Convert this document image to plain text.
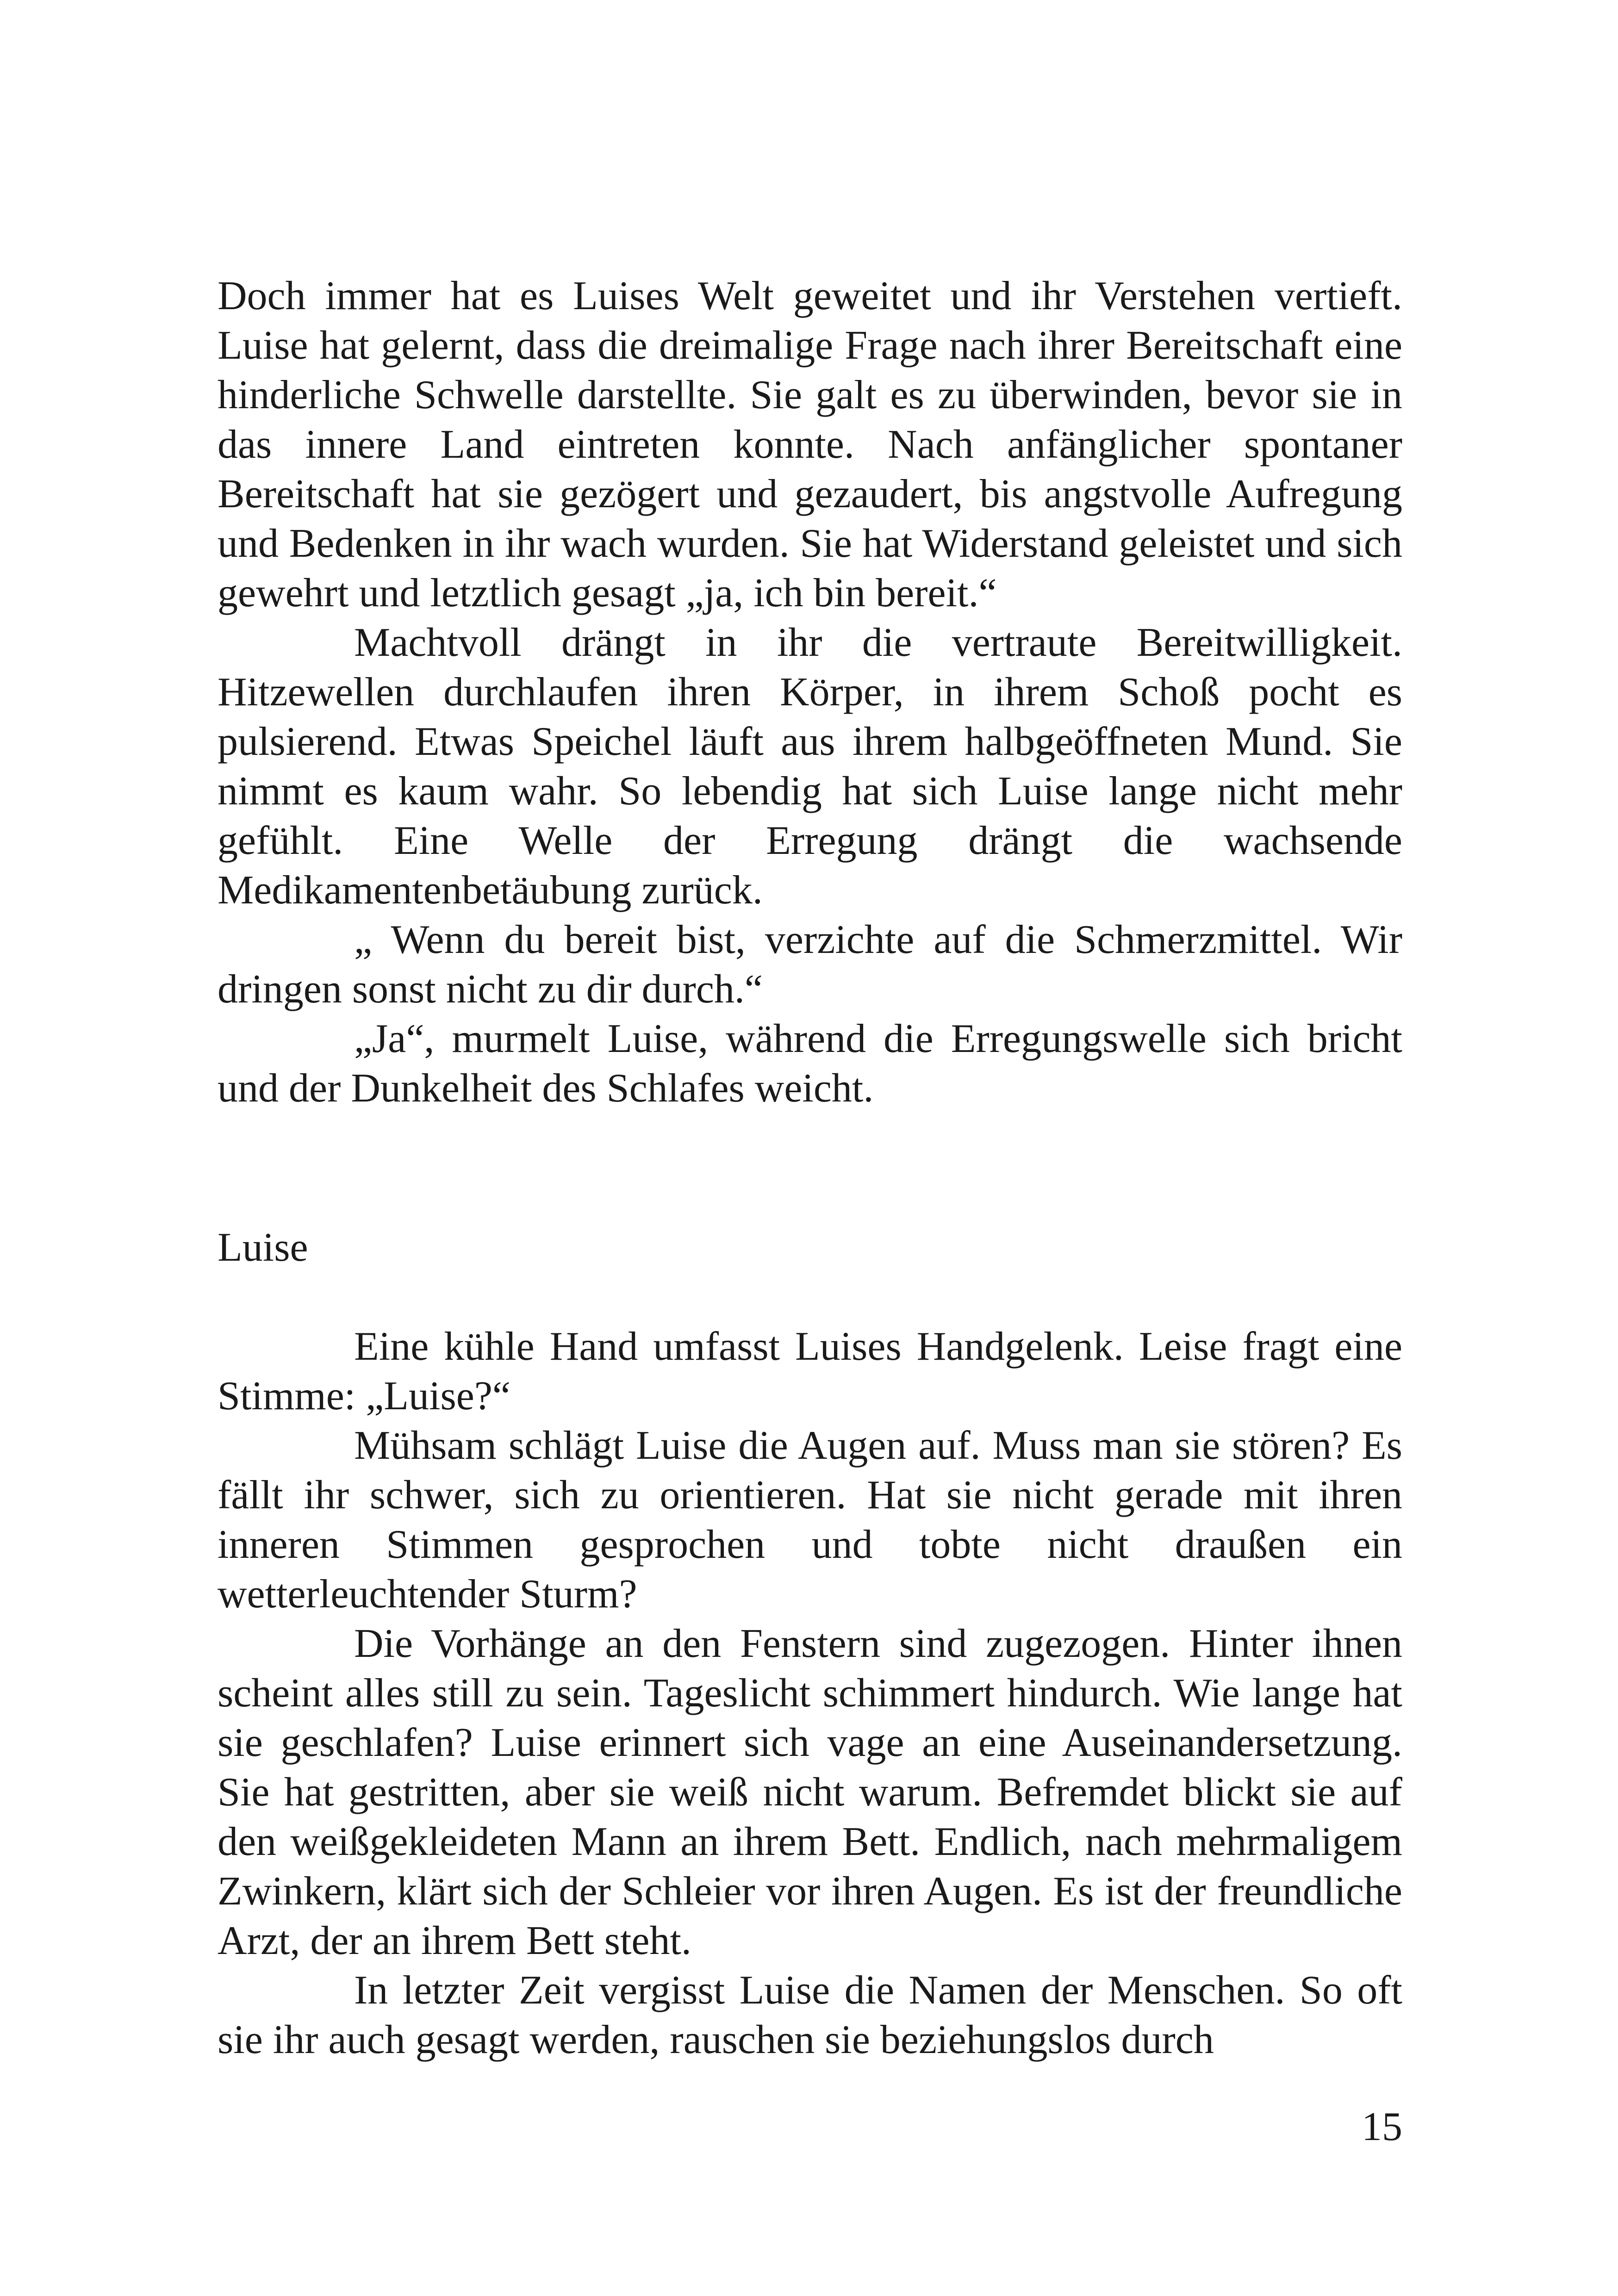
Doch immer hat es Luises Welt geweitet und ihr Verstehen vertieft. Luise hat gelernt, dass die dreimalige Frage nach ihrer Bereitschaft eine hinderliche Schwelle darstellte. Sie galt es zu überwinden, bevor sie in das innere Land eintreten konnte. Nach anfänglicher spontaner Bereitschaft hat sie gezögert und gezaudert, bis angstvolle Aufregung und Bedenken in ihr wach wurden. Sie hat Widerstand geleistet und sich gewehrt und letztlich gesagt „ja, ich bin bereit.“

Machtvoll drängt in ihr die vertraute Bereitwilligkeit. Hitzewellen durchlaufen ihren Körper, in ihrem Schoß pocht es pulsierend. Etwas Speichel läuft aus ihrem halbgeöffneten Mund. Sie nimmt es kaum wahr. So lebendig hat sich Luise lange nicht mehr gefühlt. Eine Welle der Erregung drängt die wachsende Medikamentenbetäubung zurück.

„ Wenn du bereit bist, verzichte auf die Schmerzmittel. Wir dringen sonst nicht zu dir durch.“

„Ja“, murmelt Luise, während die Erregungswelle sich bricht und der Dunkelheit des Schlafes weicht.

Luise

Eine kühle Hand umfasst Luises Handgelenk. Leise fragt eine Stimme: „Luise?“

Mühsam schlägt Luise die Augen auf. Muss man sie stören? Es fällt ihr schwer, sich zu orientieren. Hat sie nicht gerade mit ihren inneren Stimmen gesprochen und tobte nicht draußen ein wetterleuchtender Sturm?

Die Vorhänge an den Fenstern sind zugezogen. Hinter ihnen scheint alles still zu sein. Tageslicht schimmert hindurch. Wie lange hat sie geschlafen? Luise erinnert sich vage an eine Auseinandersetzung. Sie hat gestritten, aber sie weiß nicht warum. Befremdet blickt sie auf den weißgekleideten Mann an ihrem Bett. Endlich, nach mehrmaligem Zwinkern, klärt sich der Schleier vor ihren Augen. Es ist der freundliche Arzt, der an ihrem Bett steht.

In letzter Zeit vergisst Luise die Namen der Menschen. So oft sie ihr auch gesagt werden, rauschen sie beziehungslos durch

15
